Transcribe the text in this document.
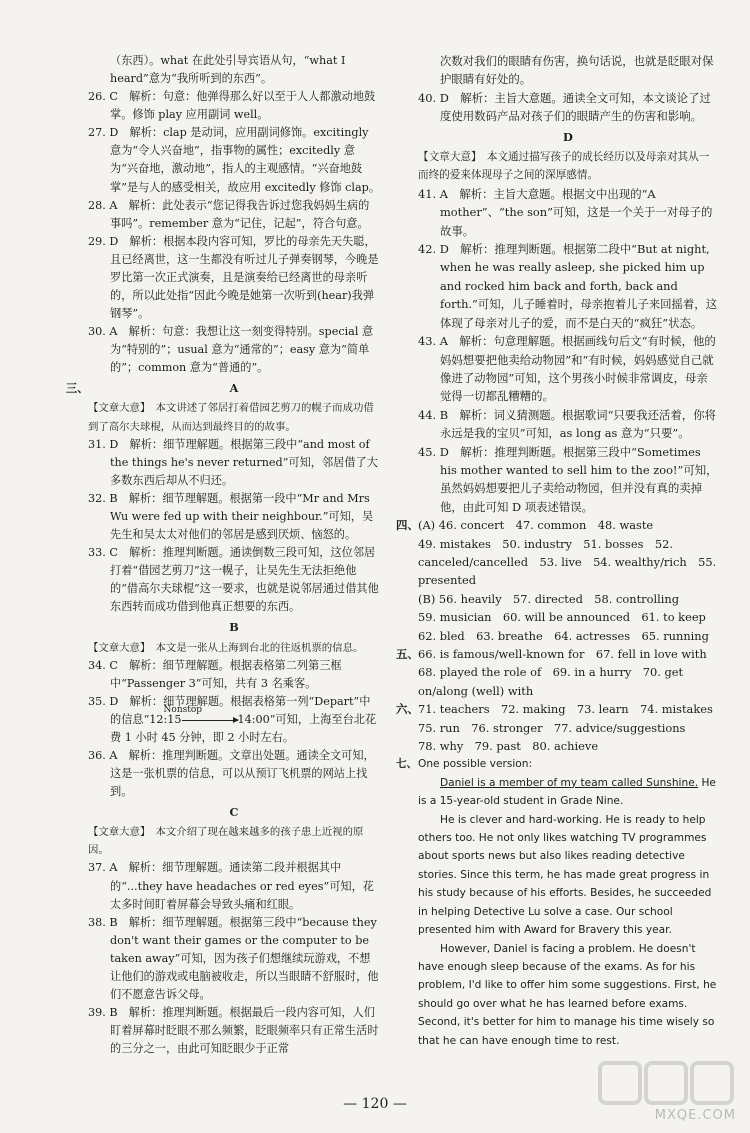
（东西）。what 在此处引导宾语从句，“what I heard”意为“我所听到的东西”。

26. C　解析：句意：他弹得那么好以至于人人都激动地鼓掌。修饰 play 应用副词 well。

27. D　解析：clap 是动词，应用副词修饰。excitingly 意为“令人兴奋地”，指事物的属性；excitedly 意为“兴奋地，激动地”，指人的主观感情。“兴奋地鼓掌”是与人的感受相关，故应用 excitedly 修饰 clap。

28. A　解析：此处表示“您记得我告诉过您我妈妈生病的事吗”。remember 意为“记住，记起”，符合句意。

29. D　解析：根据本段内容可知，罗比的母亲先天失聪，且已经离世，这一生都没有听过儿子弹奏钢琴，今晚是罗比第一次正式演奏，且是演奏给已经离世的母亲听的，所以此处指“因此今晚是她第一次听到(hear)我弹钢琴”。

30. A　解析：句意：我想让这一刻变得特别。special 意为“特别的”；usual 意为“通常的”；easy 意为“简单的”；common 意为“普通的”。

三、	A

【文章大意】　本文讲述了邻居打着借园艺剪刀的幌子而成功借到了高尔夫球棍，从而达到最终目的的故事。

31. D　解析：细节理解题。根据第三段中“and most of the things he's never returned”可知，邻居借了大多数东西后却从不归还。

32. B　解析：细节理解题。根据第一段中“Mr and Mrs Wu were fed up with their neighbour.”可知，吴先生和吴太太对他们的邻居是感到厌烦、恼怒的。

33. C　解析：推理判断题。通读倒数三段可知，这位邻居打着“借园艺剪刀”这一幌子，让吴先生无法拒绝他的“借高尔夫球棍”这一要求，也就是说邻居通过借其他东西转而成功借到他真正想要的东西。

B

【文章大意】　本文是一张从上海到台北的往返机票的信息。

34. C　解析：细节理解题。根据表格第二列第三框中“Passenger 3”可知，共有 3 名乘客。

35. D　解析：细节理解题。根据表格第一列“Depart”中的信息“12:15
Nonstop
14:00”可知，上海至台北花费 1 小时 45 分钟，即 2 小时左右。

36. A　解析：推理判断题。文章出处题。通读全文可知，这是一张机票的信息，可以从预订飞机票的网站上找到。

C

【文章大意】　本文介绍了现在越来越多的孩子患上近视的原因。

37. A　解析：细节理解题。通读第二段并根据其中的“...they have headaches or red eyes”可知，花太多时间盯着屏幕会导致头痛和红眼。

38. B　解析：细节理解题。根据第三段中“because they don't want their games or the computer to be taken away”可知，因为孩子们想继续玩游戏，不想让他们的游戏或电脑被收走，所以当眼睛不舒服时，他们不愿意告诉父母。

39. B　解析：推理判断题。根据最后一段内容可知，人们盯着屏幕时眨眼不那么频繁，眨眼频率只有正常生活时的三分之一，由此可知眨眼少于正常

次数对我们的眼睛有伤害，换句话说，也就是眨眼对保护眼睛有好处的。

40. D　解析：主旨大意题。通读全文可知，本文谈论了过度使用数码产品对孩子们的眼睛产生的伤害和影响。

D

【文章大意】　本文通过描写孩子的成长经历以及母亲对其从一而终的爱来体现母子之间的深厚感情。

41. A　解析：主旨大意题。根据文中出现的“A mother”、“the son”可知，这是一个关于一对母子的故事。

42. D　解析：推理判断题。根据第二段中“But at night, when he was really asleep, she picked him up and rocked him back and forth, back and forth.”可知，儿子睡着时，母亲抱着儿子来回摇着，这体现了母亲对儿子的爱，而不是白天的“疯狂”状态。

43. A　解析：句意理解题。根据画线句后文“有时候，他的妈妈想要把他卖给动物园”和“有时候，妈妈感觉自己就像进了动物园”可知，这个男孩小时候非常调皮，母亲觉得一切都乱糟糟的。

44. B　解析：词义猜测题。根据歌词“只要我还活着，你将永远是我的宝贝”可知，as long as 意为“只要”。

45. D　解析：推理判断题。根据第三段中“Sometimes his mother wanted to sell him to the zoo!”可知，虽然妈妈想要把儿子卖给动物园，但并没有真的卖掉他，由此可知 D 项表述错误。

四、 (A) 46. concert　47. common　48. waste

49. mistakes　50. industry　51. bosses　52. canceled/cancelled　53. live　54. wealthy/rich　55. presented

(B) 56. heavily　57. directed　58. controlling

59. musician　60. will be announced　61. to keep

62. bled　63. breathe　64. actresses　65. running

五、 66. is famous/well-known for　67. fell in love with

68. played the role of　69. in a hurry　70. get on/along (well) with

六、 71. teachers　72. making　73. learn　74. mistakes

75. run　76. stronger　77. advice/suggestions

78. why　79. past　80. achieve

七、 One possible version:

Daniel is a member of my team called Sunshine. He is a 15-year-old student in Grade Nine.

He is clever and hard-working. He is ready to help others too. He not only likes watching TV programmes about sports news but also likes reading detective stories. Since this term, he has made great progress in his study because of his efforts. Besides, he succeeded in helping Detective Lu solve a case. Our school presented him with Award for Bravery this year.

However, Daniel is facing a problem. He doesn't have enough sleep because of the exams. As for his problem, I'd like to offer him some suggestions. First, he should go over what he has learned before exams. Second, it's better for him to manage his time wisely so that he can have enough time to rest.

— 120 —
MXQE.COM
